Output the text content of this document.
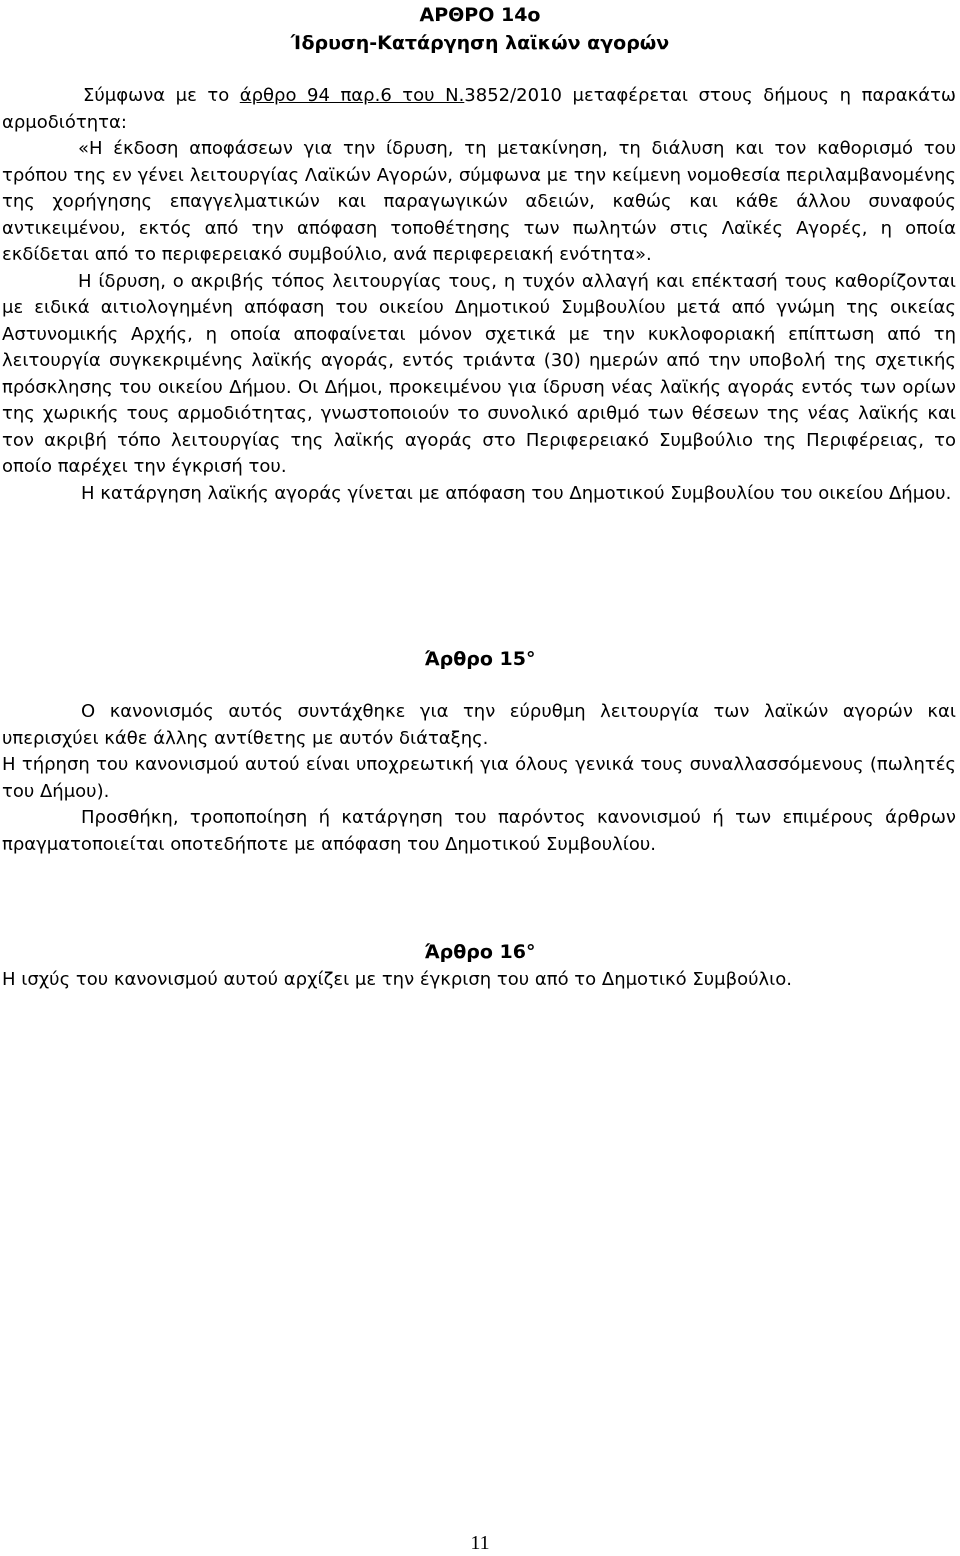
ΑΡΘΡΟ 14ο
Ίδρυση-Κατάργηση λαϊκών αγορών

Σύμφωνα με το άρθρο 94 παρ.6 του Ν.3852/2010 μεταφέρεται στους δήμους η παρακάτω αρμοδιότητα:

«Η έκδοση αποφάσεων για την ίδρυση, τη μετακίνηση, τη διάλυση και τον καθορισμό του τρόπου της εν γένει λειτουργίας Λαϊκών Αγορών, σύμφωνα με την κείμενη νομοθεσία περιλαμβανομένης της χορήγησης επαγγελματικών και παραγωγικών αδειών, καθώς και κάθε άλλου συναφούς αντικειμένου, εκτός από την απόφαση τοποθέτησης των πωλητών στις Λαϊκές Αγορές, η οποία εκδίδεται από το περιφερειακό συμβούλιο, ανά περιφερειακή ενότητα».

Η ίδρυση, ο ακριβής τόπος λειτουργίας τους, η τυχόν αλλαγή και επέκτασή τους καθορίζονται με ειδικά αιτιολογημένη απόφαση του οικείου Δημοτικού Συμβουλίου μετά από γνώμη της οικείας Αστυνομικής Αρχής, η οποία αποφαίνεται μόνον σχετικά με την κυκλοφοριακή επίπτωση από τη λειτουργία συγκεκριμένης λαϊκής αγοράς, εντός τριάντα (30) ημερών από την υποβολή της σχετικής πρόσκλησης του οικείου Δήμου. Οι Δήμοι, προκειμένου για ίδρυση νέας λαϊκής αγοράς εντός των ορίων της χωρικής τους αρμοδιότητας, γνωστοποιούν το συνολικό αριθμό των θέσεων της νέας λαϊκής και τον ακριβή τόπο λειτουργίας της λαϊκής αγοράς στο Περιφερειακό Συμβούλιο της Περιφέρειας, το οποίο παρέχει την έγκρισή του.

Η κατάργηση λαϊκής αγοράς γίνεται με απόφαση του Δημοτικού Συμβουλίου του οικείου Δήμου.

Άρθρο 15°

Ο κανονισμός αυτός συντάχθηκε για την εύρυθμη λειτουργία των λαϊκών αγορών και υπερισχύει κάθε άλλης αντίθετης με αυτόν διάταξης.

Η τήρηση του κανονισμού αυτού είναι υποχρεωτική για όλους γενικά τους συναλλασσόμενους (πωλητές του Δήμου).

Προσθήκη, τροποποίηση ή κατάργηση του παρόντος κανονισμού ή των επιμέρους άρθρων πραγματοποιείται οποτεδήποτε με απόφαση του Δημοτικού Συμβουλίου.

Άρθρο 16°

Η ισχύς του κανονισμού αυτού αρχίζει με την έγκριση του από το Δημοτικό Συμβούλιο.

11
